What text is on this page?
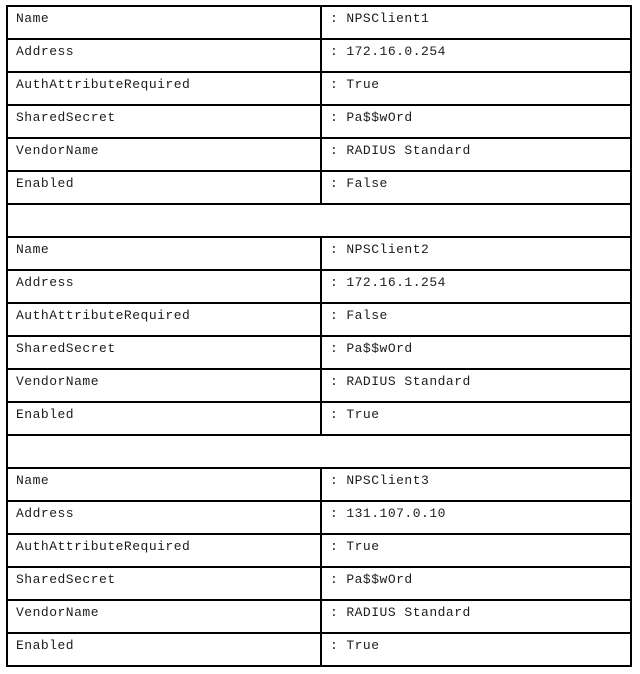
Name	: NPSClient1
Address	: 172.16.0.254
AuthAttributeRequired	: True
SharedSecret	: Pa$$wOrd
VendorName	: RADIUS Standard
Enabled	: False

Name	: NPSClient2
Address	: 172.16.1.254
AuthAttributeRequired	: False
SharedSecret	: Pa$$wOrd
VendorName	: RADIUS Standard
Enabled	: True

Name	: NPSClient3
Address	: 131.107.0.10
AuthAttributeRequired	: True
SharedSecret	: Pa$$wOrd
VendorName	: RADIUS Standard
Enabled	: True
